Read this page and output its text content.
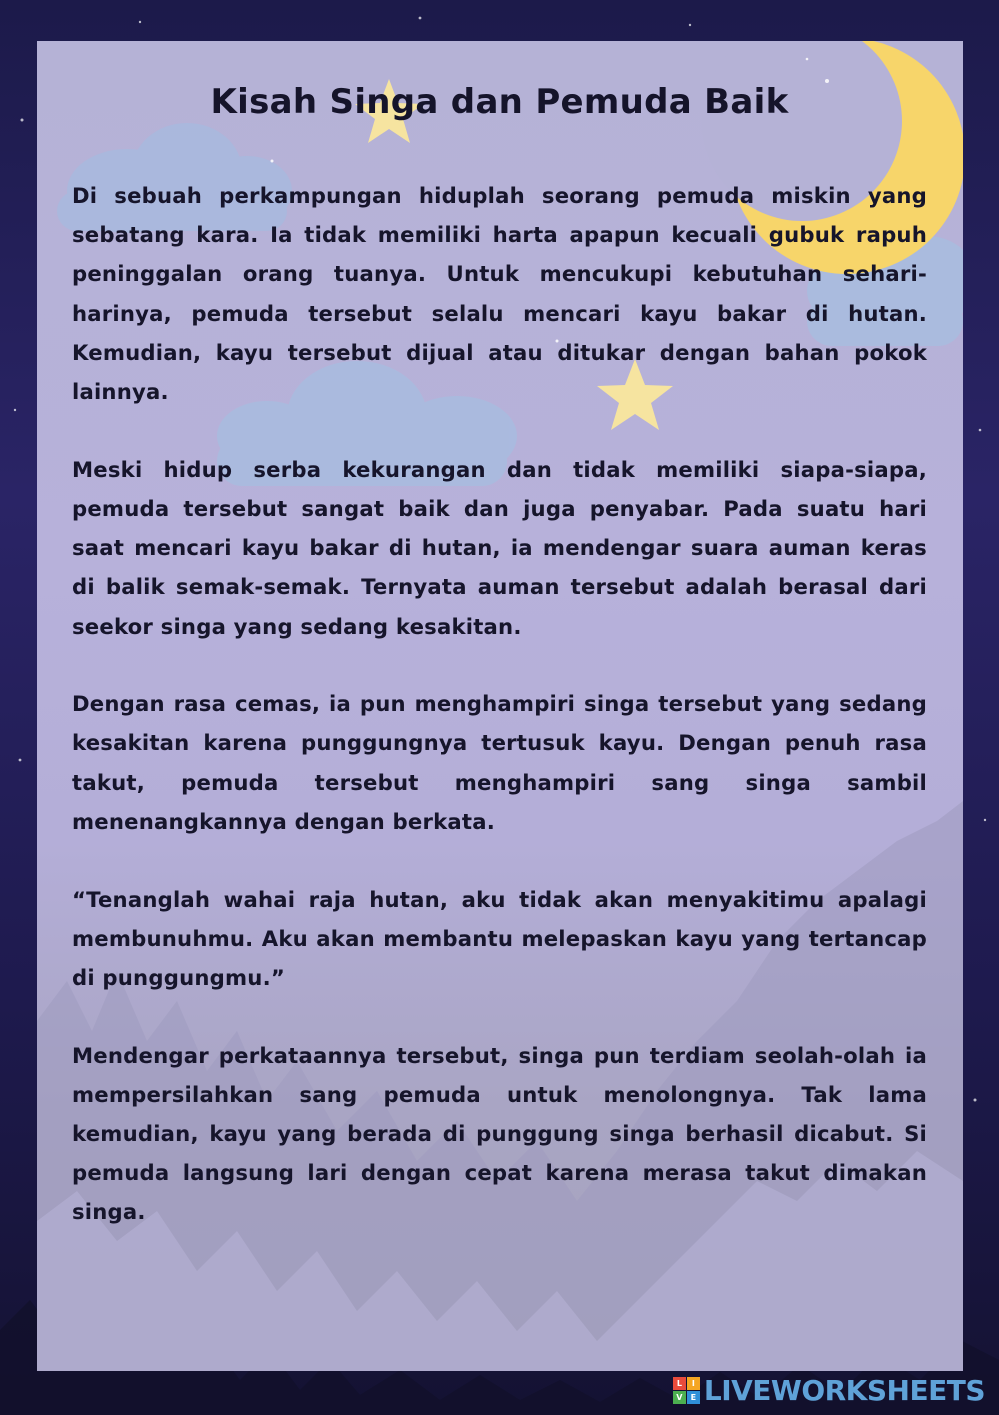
Kisah Singa dan Pemuda Baik

Di sebuah perkampungan hiduplah seorang pemuda miskin yang sebatang kara. Ia tidak memiliki harta apapun kecuali gubuk rapuh peninggalan orang tuanya. Untuk mencukupi kebutuhan sehari-harinya, pemuda tersebut selalu mencari kayu bakar di hutan. Kemudian, kayu tersebut dijual atau ditukar dengan bahan pokok lainnya.

Meski hidup serba kekurangan dan tidak memiliki siapa-siapa, pemuda tersebut sangat baik dan juga penyabar. Pada suatu hari saat mencari kayu bakar di hutan, ia mendengar suara auman keras di balik semak-semak. Ternyata auman tersebut adalah berasal dari seekor singa yang sedang kesakitan.

Dengan rasa cemas, ia pun menghampiri singa tersebut yang sedang kesakitan karena punggungnya tertusuk kayu. Dengan penuh rasa takut, pemuda tersebut menghampiri sang singa sambil menenangkannya dengan berkata.

“Tenanglah wahai raja hutan, aku tidak akan menyakitimu apalagi membunuhmu. Aku akan membantu melepaskan kayu yang tertancap di punggungmu.”

Mendengar perkataannya tersebut, singa pun terdiam seolah-olah ia mempersilahkan sang pemuda untuk menolongnya. Tak lama kemudian, kayu yang berada di punggung singa berhasil dicabut. Si pemuda langsung lari dengan cepat karena merasa takut dimakan singa.

L	I
V	E LIVEWORKSHEETS
